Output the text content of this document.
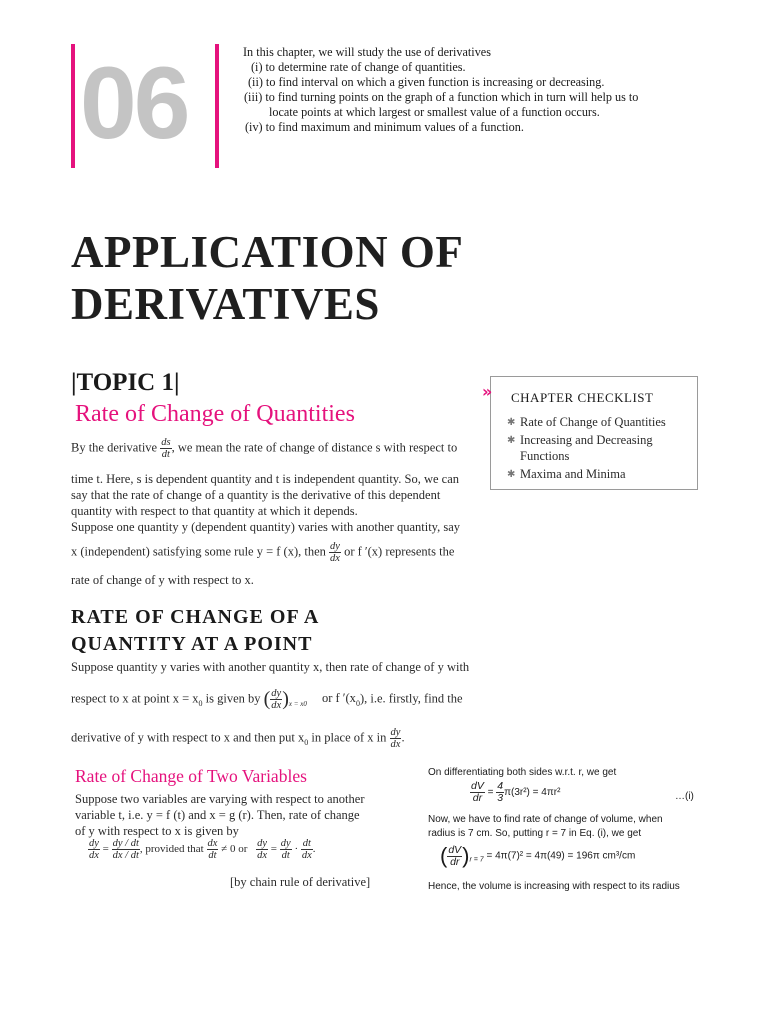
06	In this chapter, we will study the use of derivatives
(i) to determine rate of change of quantities.
(ii) to find interval on which a given function is increasing or decreasing.
(iii) to find turning points on the graph of a function which in turn will help us to
locate points at which largest or smallest value of a function occurs.
(iv) to find maximum and minimum values of a function.
APPLICATION OF
DERIVATIVES
|TOPIC 1|
Rate of Change of Quantities
» CHAPTER CHECKLIST
✱ Rate of Change of Quantities
✱ Increasing and Decreasing
Functions
✱ Maxima and Minima
By the derivative $\frac{ds}{dt}$ , we mean the rate of change of distance s with respect to
time t. Here, s is dependent quantity and t is independent quantity. So, we can
say that the rate of change of a quantity is the derivative of this dependent
quantity with respect to that quantity at which it depends.
Suppose one quantity y (dependent quantity) varies with another quantity, say
x (independent) satisfying some rule y = f (x), then $\frac{dy}{dx}$ or f ′(x) represents the
rate of change of y with respect to x.
RATE OF CHANGE OF A
QUANTITY AT A POINT
Suppose quantity y varies with another quantity x, then rate of change of y with
respect to x at point $x = x_0$ is given by ( $\frac{dy}{dx} )_{x = x0}$ or f $'(x_0)$, i.e. firstly, find the
derivative of y with respect to x and then put $x_0$ in place of x in $\frac{dy}{dx}$ .
Rate of Change of Two Variables
Suppose two variables are varying with respect to another
variable t, i.e. y = f (t) and x = g (r). Then, rate of change
of y with respect to x is given by
$\frac{dy}{dx} = \frac{dy / dt}{dx / dt}$ , provided that $\frac{dx}{dt} \ne 0$ or $\frac{dy}{dx} = \frac{dy}{dt} \cdot \frac{dt}{dx}$ .
[by chain rule of derivative]
On differentiating both sides w.r.t. r, we get
$\frac{dV}{dr} = \frac{4}{3} \pi(3r^2) = 4\pi r^2$	…(i)
Now, we have to find rate of change of volume, when
radius is 7 cm. So, putting r = 7 in Eq. (i), we get
( $\frac{dV}{dr} )_{r = 7} = 4\pi(7)^2 = 4\pi(49) = 196\pi$ cm³/cm
Hence, the volume is increasing with respect to its radius
